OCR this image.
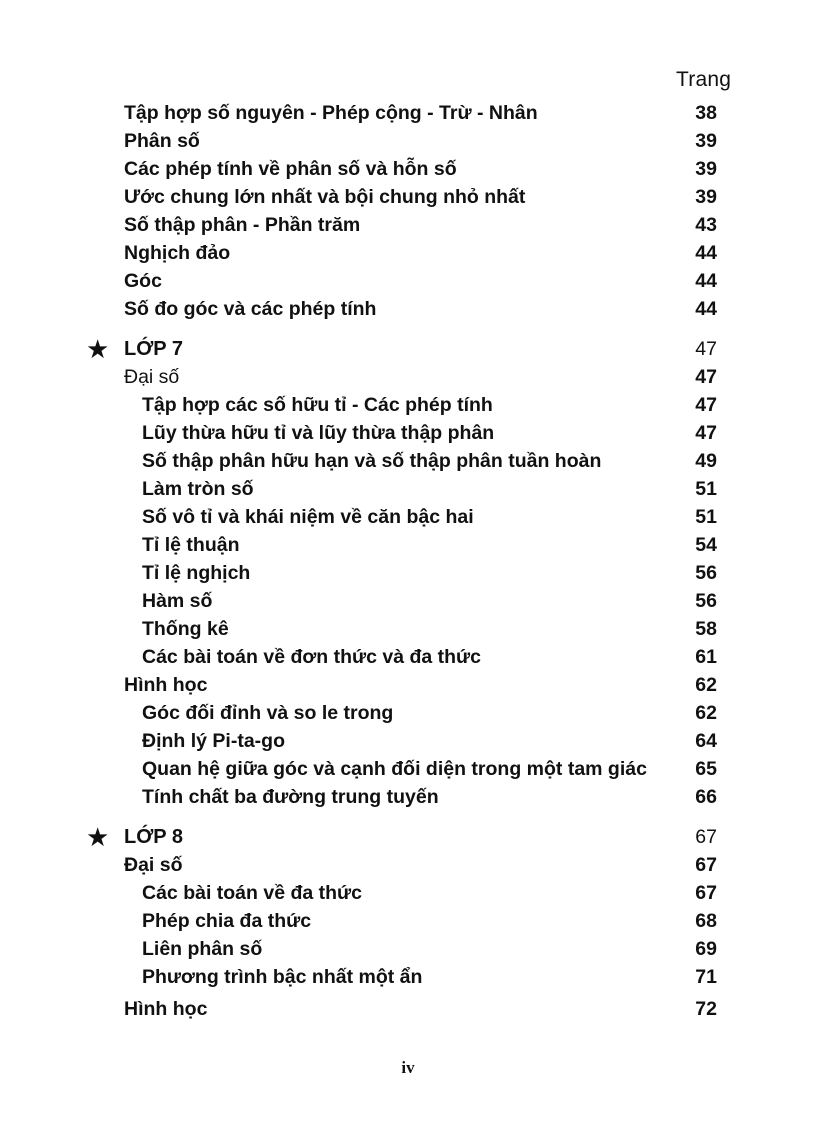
Trang
Tập hợp số nguyên - Phép cộng - Trừ - Nhân	38
Phân số	39
Các phép tính về phân số và hỗn số	39
Ước chung lớn nhất và bội chung nhỏ nhất	39
Số thập phân - Phần trăm	43
Nghịch đảo	44
Góc	44
Số đo góc và các phép tính	44
★ LỚP 7	47
Đại số	47
Tập hợp các số hữu tỉ - Các phép tính	47
Lũy thừa hữu tỉ và lũy thừa thập phân	47
Số thập phân hữu hạn và số thập phân tuần hoàn	49
Làm tròn số	51
Số vô tỉ và khái niệm về căn bậc hai	51
Tỉ lệ thuận	54
Tỉ lệ nghịch	56
Hàm số	56
Thống kê	58
Các bài toán về đơn thức và đa thức	61
Hình học	62
Góc đối đỉnh và so le trong	62
Định lý Pi-ta-go	64
Quan hệ giữa góc và cạnh đối diện trong một tam giác 65
Tính chất ba đường trung tuyến	66
★ LỚP 8	67
Đại số	67
Các bài toán về đa thức	67
Phép chia đa thức	68
Liên phân số	69
Phương trình bậc nhất một ẩn	71
Hình học	72
iv
